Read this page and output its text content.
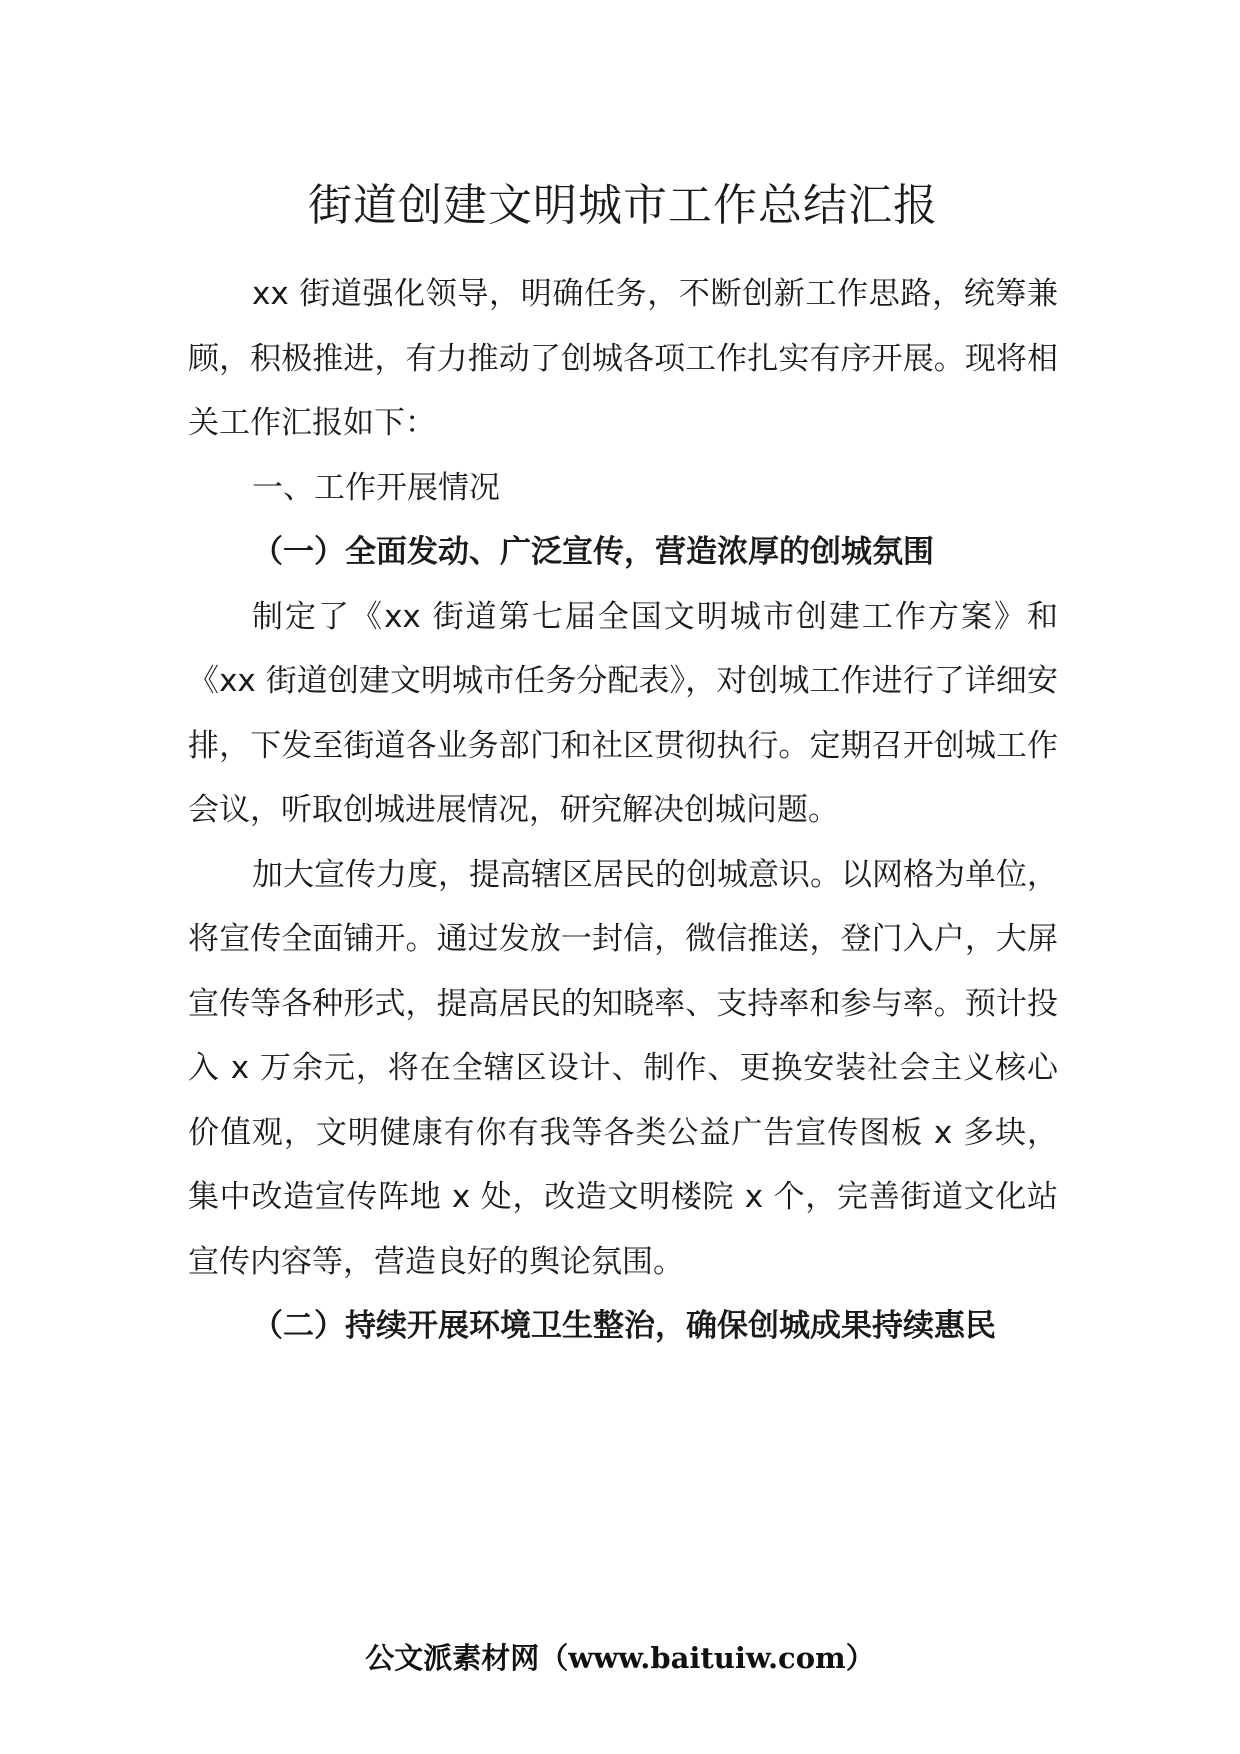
街道创建文明城市工作总结汇报

xx 街道强化领导，明确任务，不断创新工作思路，统筹兼顾，积极推进，有力推动了创城各项工作扎实有序开展。现将相关工作汇报如下：

一、工作开展情况

（一）全面发动、广泛宣传，营造浓厚的创城氛围

制定了《xx 街道第七届全国文明城市创建工作方案》和《xx 街道创建文明城市任务分配表》，对创城工作进行了详细安排，下发至街道各业务部门和社区贯彻执行。定期召开创城工作会议，听取创城进展情况，研究解决创城问题。

加大宣传力度，提高辖区居民的创城意识。以网格为单位，将宣传全面铺开。通过发放一封信，微信推送，登门入户，大屏宣传等各种形式，提高居民的知晓率、支持率和参与率。预计投入 x 万余元，将在全辖区设计、制作、更换安装社会主义核心价值观，文明健康有你有我等各类公益广告宣传图板 x 多块，集中改造宣传阵地 x 处，改造文明楼院 x 个，完善街道文化站宣传内容等，营造良好的舆论氛围。

（二）持续开展环境卫生整治，确保创城成果持续惠民

公文派素材网（www.baituiw.com）
